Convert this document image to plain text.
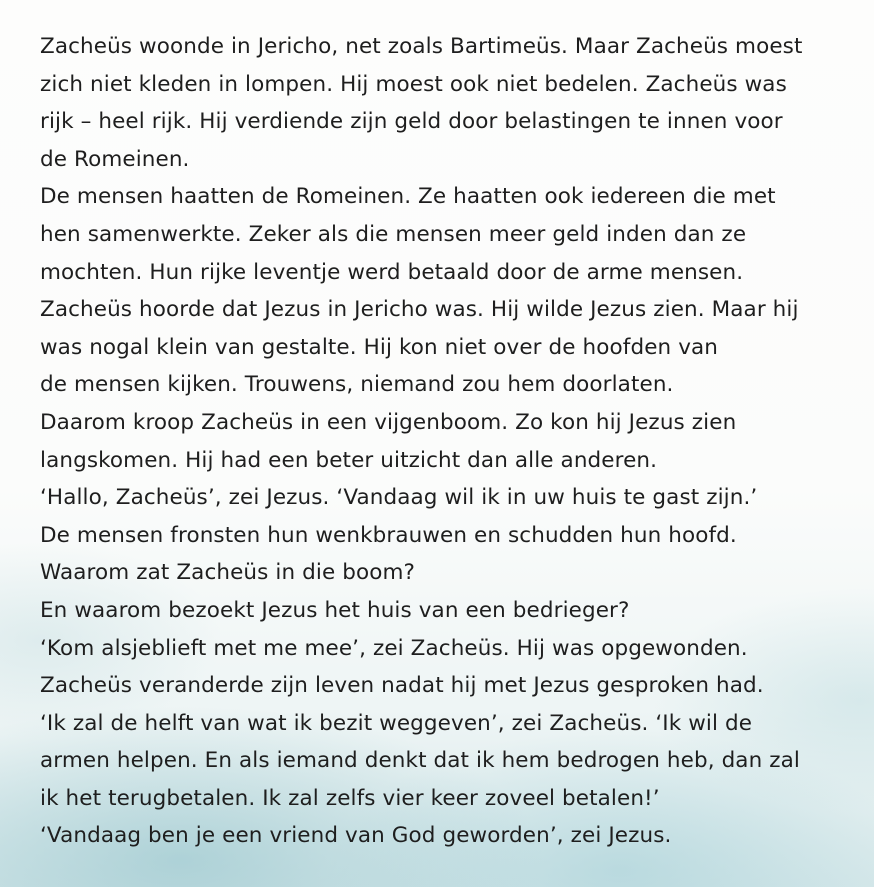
Zacheüs woonde in Jericho, net zoals Bartimeüs. Maar Zacheüs moest
zich niet kleden in lompen. Hij moest ook niet bedelen. Zacheüs was
rijk – heel rijk. Hij verdiende zijn geld door belastingen te innen voor
de Romeinen.
De mensen haatten de Romeinen. Ze haatten ook iedereen die met
hen samenwerkte. Zeker als die mensen meer geld inden dan ze
mochten. Hun rijke leventje werd betaald door de arme mensen.
Zacheüs hoorde dat Jezus in Jericho was. Hij wilde Jezus zien. Maar hij
was nogal klein van gestalte. Hij kon niet over de hoofden van
de mensen kijken. Trouwens, niemand zou hem doorlaten.
Daarom kroop Zacheüs in een vijgenboom. Zo kon hij Jezus zien
langskomen. Hij had een beter uitzicht dan alle anderen.
‘Hallo, Zacheüs’, zei Jezus. ‘Vandaag wil ik in uw huis te gast zijn.’
De mensen fronsten hun wenkbrauwen en schudden hun hoofd.
Waarom zat Zacheüs in die boom?
En waarom bezoekt Jezus het huis van een bedrieger?
‘Kom alsjeblieft met me mee’, zei Zacheüs. Hij was opgewonden.
Zacheüs veranderde zijn leven nadat hij met Jezus gesproken had.
‘Ik zal de helft van wat ik bezit weggeven’, zei Zacheüs. ‘Ik wil de
armen helpen. En als iemand denkt dat ik hem bedrogen heb, dan zal
ik het terugbetalen. Ik zal zelfs vier keer zoveel betalen!’
‘Vandaag ben je een vriend van God geworden’, zei Jezus.
